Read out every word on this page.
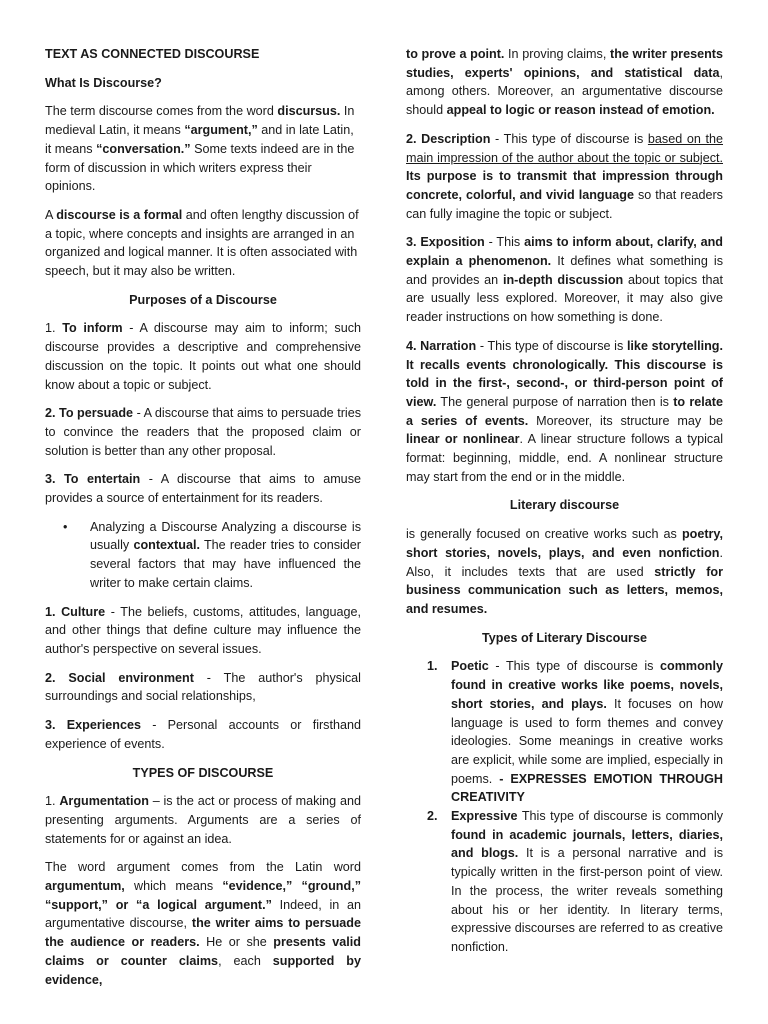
TEXT AS CONNECTED DISCOURSE

What Is Discourse?

The term discourse comes from the word discursus. In medieval Latin, it means “argument,” and in late Latin, it means “conversation.” Some texts indeed are in the form of discussion in which writers express their opinions.

A discourse is a formal and often lengthy discussion of a topic, where concepts and insights are arranged in an organized and logical manner. It is often associated with speech, but it may also be written.

Purposes of a Discourse

1. To inform - A discourse may aim to inform; such discourse provides a descriptive and comprehensive discussion on the topic. It points out what one should know about a topic or subject.

2. To persuade - A discourse that aims to persuade tries to convince the readers that the proposed claim or solution is better than any other proposal.

3. To entertain - A discourse that aims to amuse provides a source of entertainment for its readers.

• Analyzing a Discourse Analyzing a discourse is usually contextual. The reader tries to consider several factors that may have influenced the writer to make certain claims.

1. Culture - The beliefs, customs, attitudes, language, and other things that define culture may influence the author's perspective on several issues.

2. Social environment - The author's physical surroundings and social relationships,

3. Experiences - Personal accounts or firsthand experience of events.

TYPES OF DISCOURSE

1. Argumentation – is the act or process of making and presenting arguments. Arguments are a series of statements for or against an idea.

The word argument comes from the Latin word argumentum, which means “evidence,” “ground,” “support,” or “a logical argument.” Indeed, in an argumentative discourse, the writer aims to persuade the audience or readers. He or she presents valid claims or counter claims, each supported by evidence,

to prove a point. In proving claims, the writer presents studies, experts' opinions, and statistical data, among others. Moreover, an argumentative discourse should appeal to logic or reason instead of emotion.

2. Description - This type of discourse is based on the main impression of the author about the topic or subject. Its purpose is to transmit that impression through concrete, colorful, and vivid language so that readers can fully imagine the topic or subject.

3. Exposition - This aims to inform about, clarify, and explain a phenomenon. It defines what something is and provides an in-depth discussion about topics that are usually less explored. Moreover, it may also give reader instructions on how something is done.

4. Narration - This type of discourse is like storytelling. It recalls events chronologically. This discourse is told in the first-, second-, or third-person point of view. The general purpose of narration then is to relate a series of events. Moreover, its structure may be linear or nonlinear. A linear structure follows a typical format: beginning, middle, end. A nonlinear structure may start from the end or in the middle.

Literary discourse

is generally focused on creative works such as poetry, short stories, novels, plays, and even nonfiction. Also, it includes texts that are used strictly for business communication such as letters, memos, and resumes.

Types of Literary Discourse

1. Poetic - This type of discourse is commonly found in creative works like poems, novels, short stories, and plays. It focuses on how language is used to form themes and convey ideologies. Some meanings in creative works are explicit, while some are implied, especially in poems. - EXPRESSES EMOTION THROUGH CREATIVITY
2. Expressive This type of discourse is commonly found in academic journals, letters, diaries, and blogs. It is a personal narrative and is typically written in the first-person point of view. In the process, the writer reveals something about his or her identity. In literary terms, expressive discourses are referred to as creative nonfiction.
